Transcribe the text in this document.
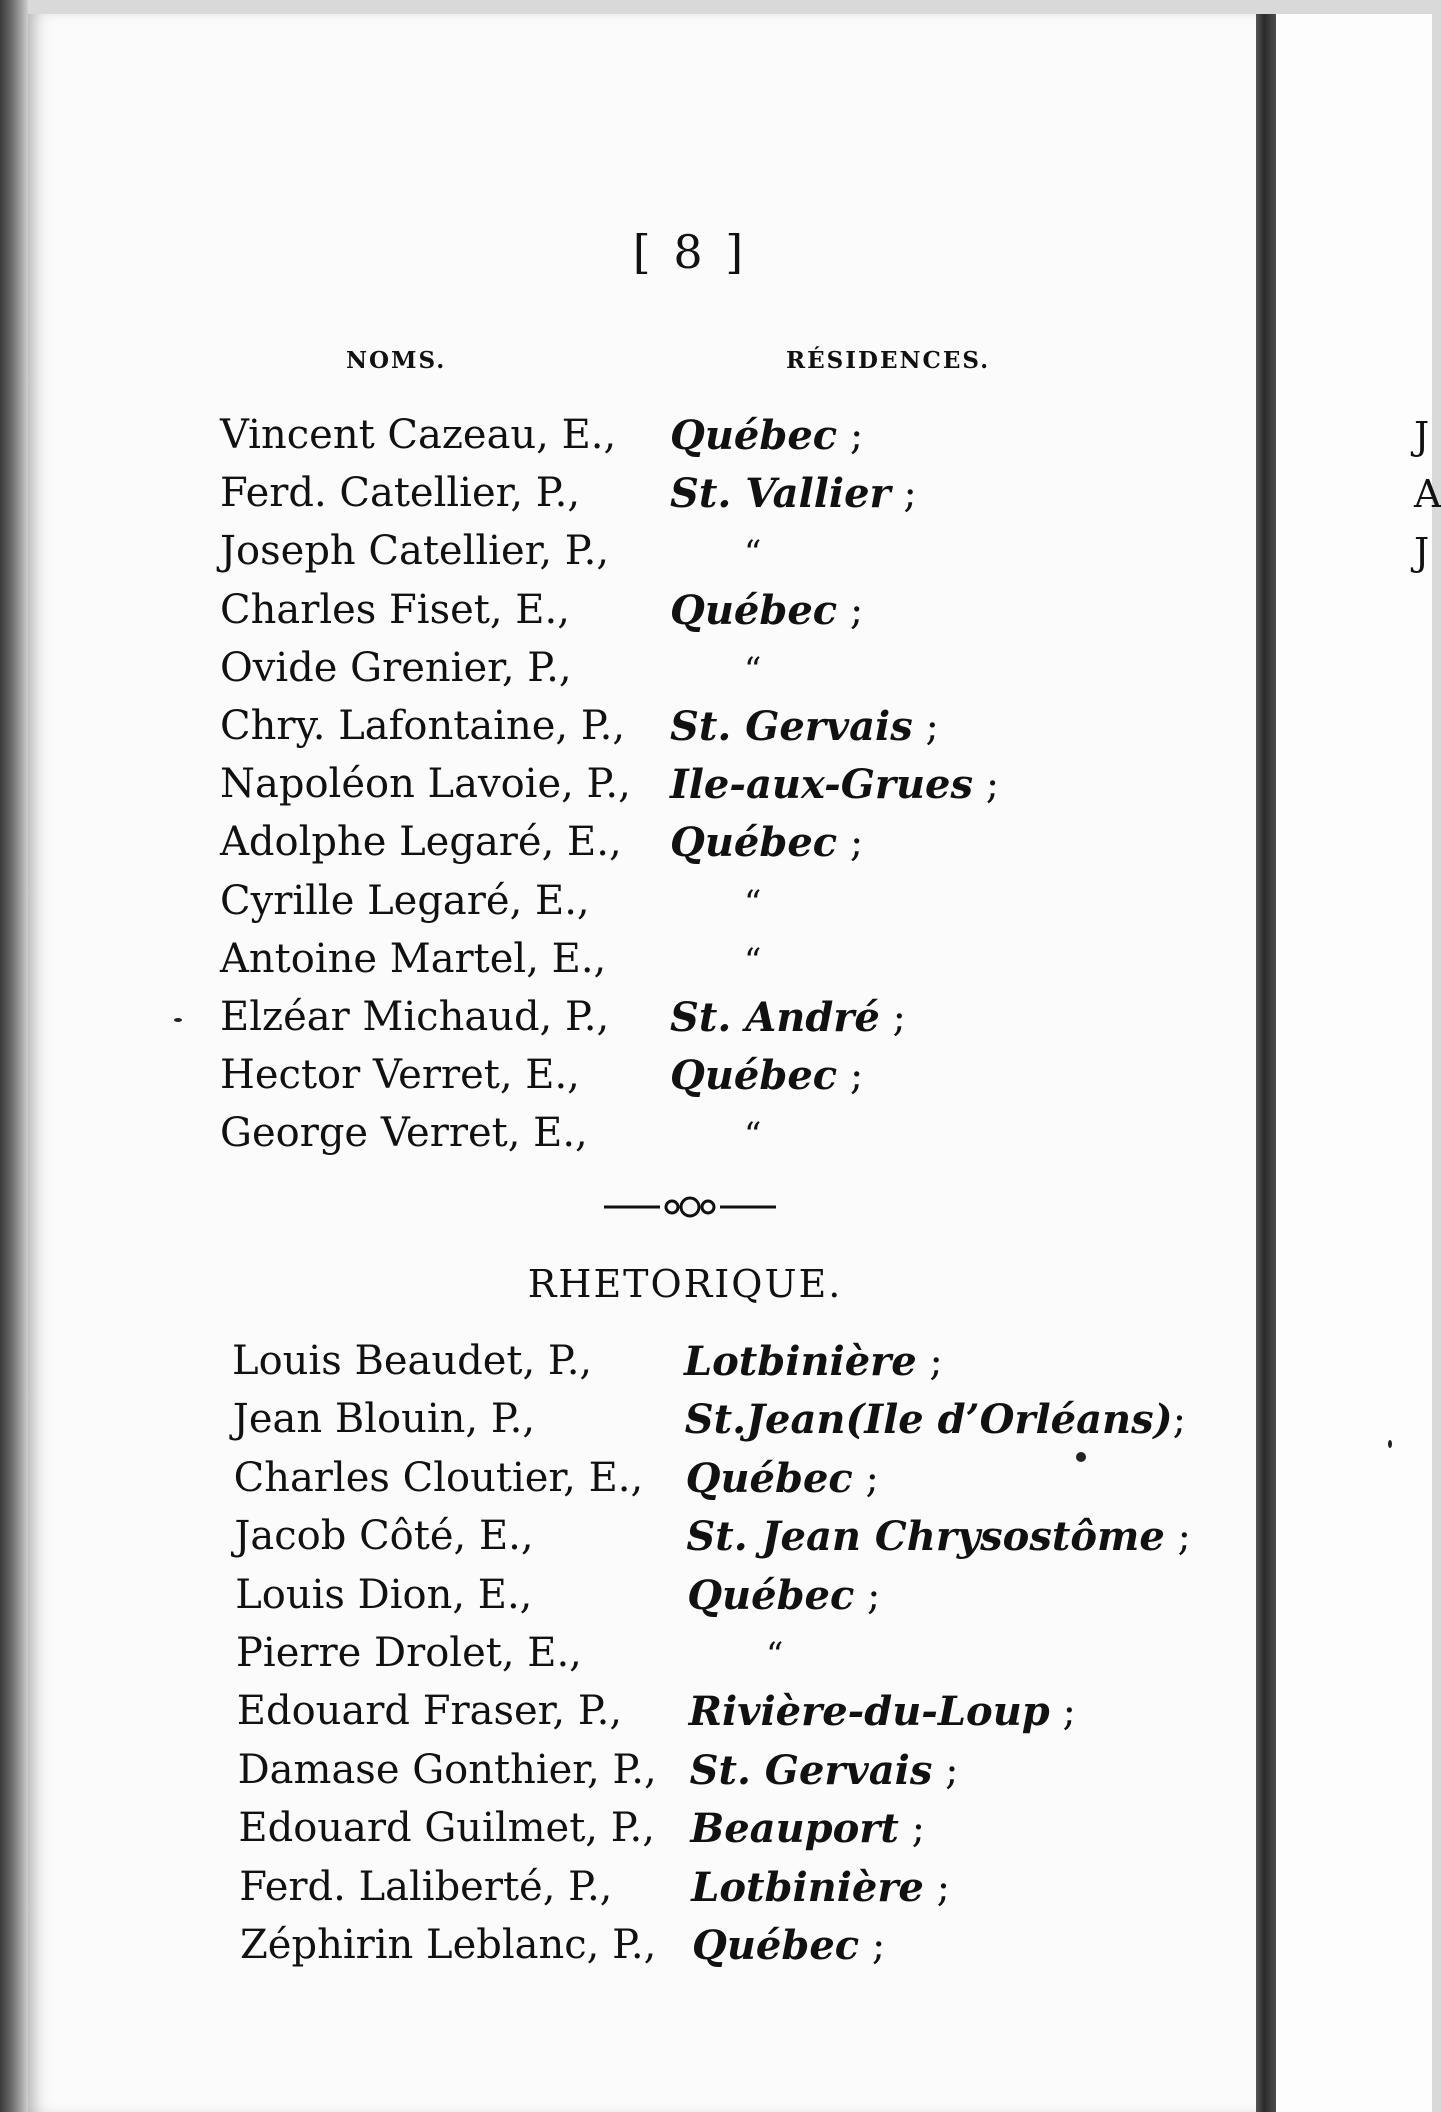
J
A
J
[ 8 ]
NOMS.	RÉSIDENCES.
Vincent Cazeau, E., Québec ;
Ferd. Catellier, P., St. Vallier ;
Joseph Catellier, P.,	“
Charles Fiset, E.,	Québec ;
Ovide Grenier, P.,	“
Chry. Lafontaine, P., St. Gervais ;
Napoléon Lavoie, P., Ile-aux-Grues ;
Adolphe Legaré, E., Québec ;
Cyrille Legaré, E.,	“
Antoine Martel, E.,	“
Elzéar Michaud, P., St. André ;
Hector Verret, E., Québec ;
George Verret, E.,	“
RHETORIQUE.
Louis Beaudet, P., Lotbinière ;
Jean Blouin, P.,	St.Jean(Ile d’Orléans);
Charles Cloutier, E., Québec ;
Jacob Côté, E.,	St. Jean Chrysostôme ;
Louis Dion, E.,	Québec ;
Pierre Drolet, E.,	“
Edouard Fraser, P., Rivière-du-Loup ;
Damase Gonthier, P., St. Gervais ;
Edouard Guilmet, P., Beauport ;
Ferd. Laliberté, P., Lotbinière ;
Zéphirin Leblanc, P., Québec ;
